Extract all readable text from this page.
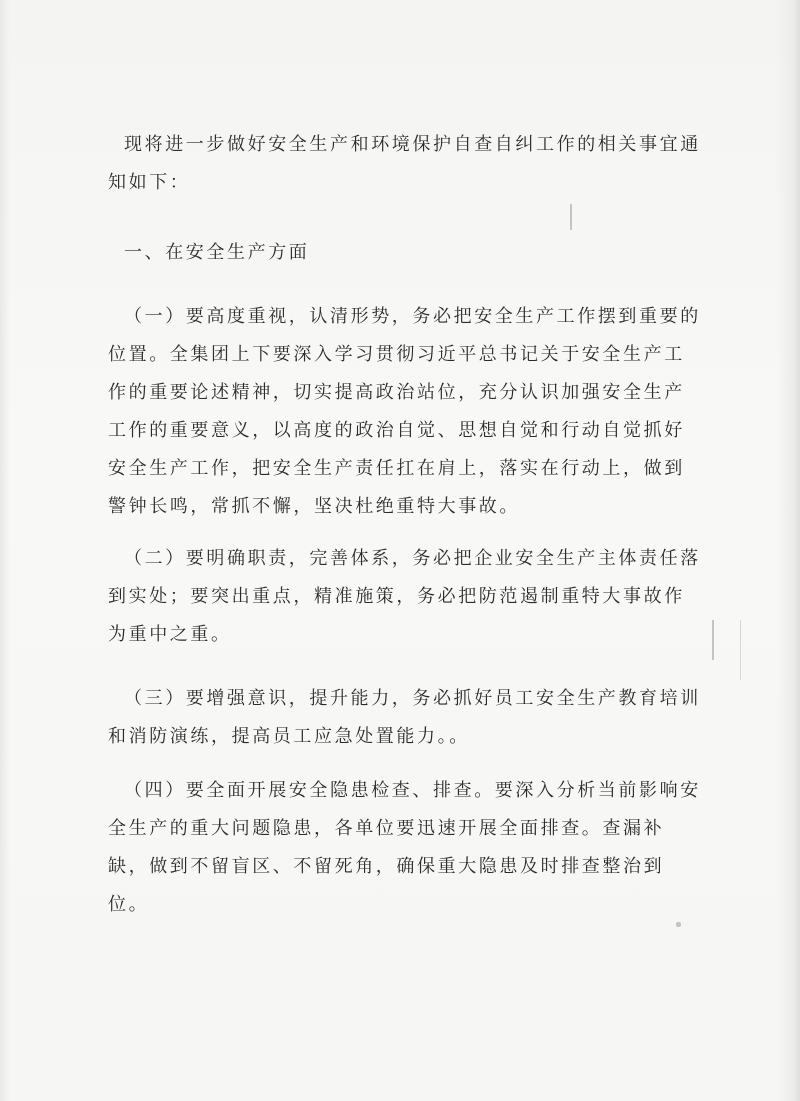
现将进一步做好安全生产和环境保护自查自纠工作的相关事宜通知如下：

一、在安全生产方面

（一）要高度重视，认清形势，务必把安全生产工作摆到重要的位置。全集团上下要深入学习贯彻习近平总书记关于安全生产工作的重要论述精神，切实提高政治站位，充分认识加强安全生产工作的重要意义，以高度的政治自觉、思想自觉和行动自觉抓好安全生产工作，把安全生产责任扛在肩上，落实在行动上，做到警钟长鸣，常抓不懈，坚决杜绝重特大事故。

（二）要明确职责，完善体系，务必把企业安全生产主体责任落到实处；要突出重点，精准施策，务必把防范遏制重特大事故作为重中之重。

（三）要增强意识，提升能力，务必抓好员工安全生产教育培训和消防演练，提高员工应急处置能力。。

（四）要全面开展安全隐患检查、排查。要深入分析当前影响安全生产的重大问题隐患，各单位要迅速开展全面排查。查漏补缺，做到不留盲区、不留死角，确保重大隐患及时排查整治到位。
